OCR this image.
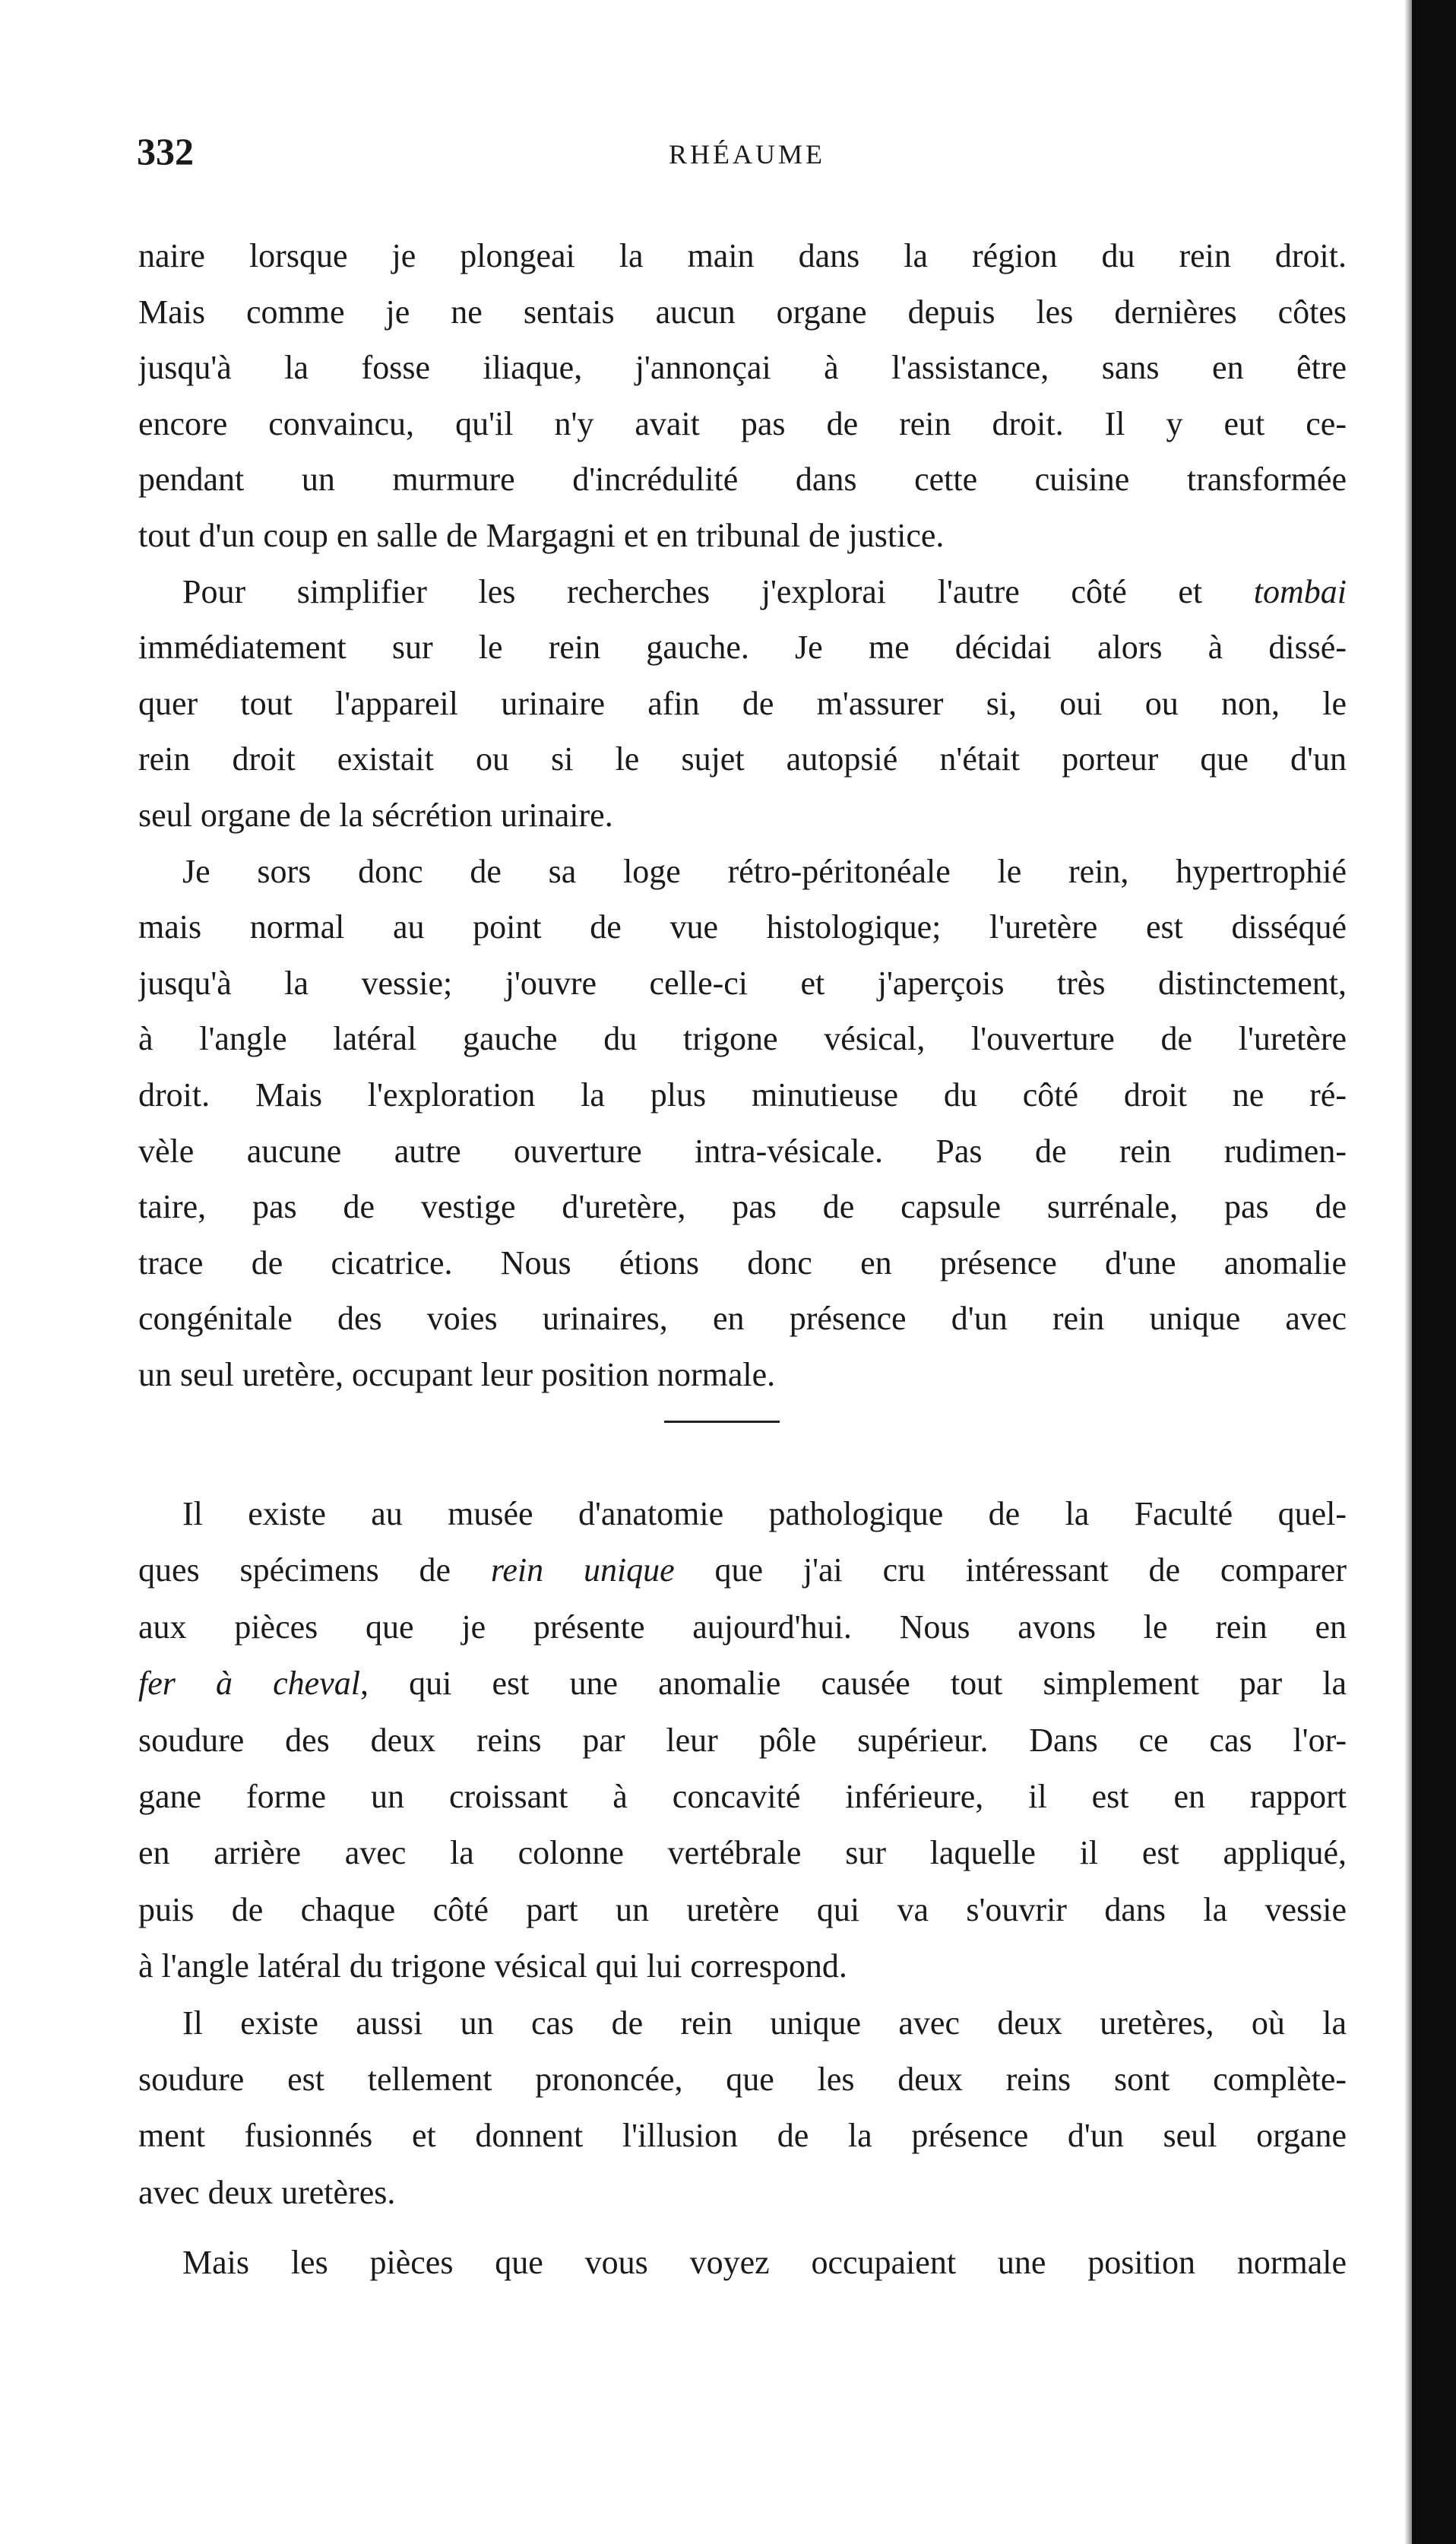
332	RHÉAUME
naire lorsque je plongeai la main dans la région du rein droit.
Mais comme je ne sentais aucun organe depuis les dernières côtes
jusqu'à la fosse iliaque, j'annonçai à l'assistance, sans en être
encore convaincu, qu'il n'y avait pas de rein droit. Il y eut ce-
pendant un murmure d'incrédulité dans cette cuisine transformée
tout d'un coup en salle de Margagni et en tribunal de justice.
Pour simplifier les recherches j'explorai l'autre côté et tombai
immédiatement sur le rein gauche. Je me décidai alors à dissé-
quer tout l'appareil urinaire afin de m'assurer si, oui ou non, le
rein droit existait ou si le sujet autopsié n'était porteur que d'un
seul organe de la sécrétion urinaire.
Je sors donc de sa loge rétro-péritonéale le rein, hypertrophié
mais normal au point de vue histologique; l'uretère est disséqué
jusqu'à la vessie; j'ouvre celle-ci et j'aperçois très distinctement,
à l'angle latéral gauche du trigone vésical, l'ouverture de l'uretère
droit. Mais l'exploration la plus minutieuse du côté droit ne ré-
vèle aucune autre ouverture intra-vésicale. Pas de rein rudimen-
taire, pas de vestige d'uretère, pas de capsule surrénale, pas de
trace de cicatrice. Nous étions donc en présence d'une anomalie
congénitale des voies urinaires, en présence d'un rein unique avec
un seul uretère, occupant leur position normale.
Il existe au musée d'anatomie pathologique de la Faculté quel-
ques spécimens de rein unique que j'ai cru intéressant de comparer
aux pièces que je présente aujourd'hui. Nous avons le rein en
fer à cheval, qui est une anomalie causée tout simplement par la
soudure des deux reins par leur pôle supérieur. Dans ce cas l'or-
gane forme un croissant à concavité inférieure, il est en rapport
en arrière avec la colonne vertébrale sur laquelle il est appliqué,
puis de chaque côté part un uretère qui va s'ouvrir dans la vessie
à l'angle latéral du trigone vésical qui lui correspond.
Il existe aussi un cas de rein unique avec deux uretères, où la
soudure est tellement prononcée, que les deux reins sont complète-
ment fusionnés et donnent l'illusion de la présence d'un seul organe
avec deux uretères.
Mais les pièces que vous voyez occupaient une position normale
